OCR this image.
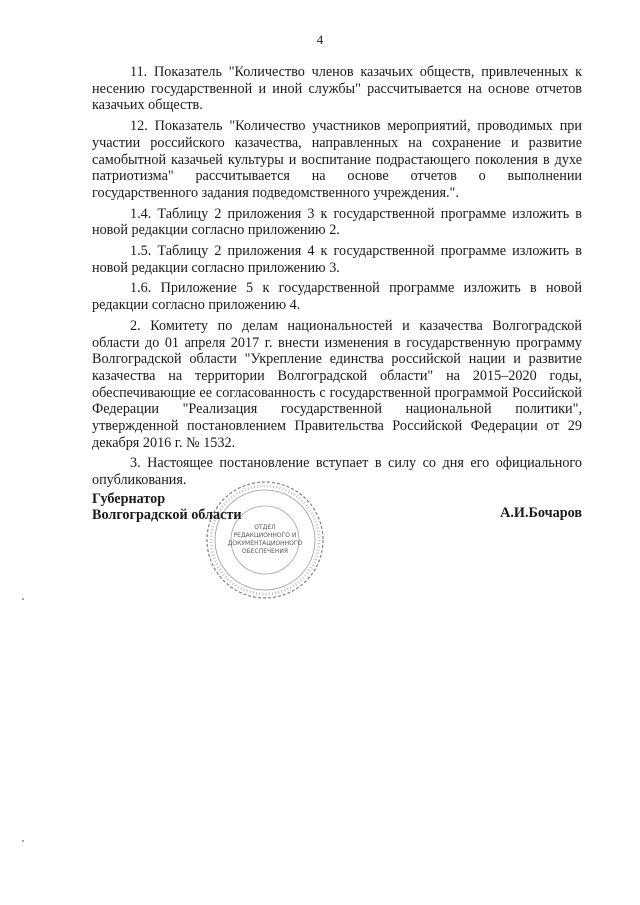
4

11. Показатель "Количество членов казачьих обществ, привлеченных к несению государственной и иной службы" рассчитывается на основе отчетов казачьих обществ.

12. Показатель "Количество участников мероприятий, проводимых при участии российского казачества, направленных на сохранение и развитие самобытной казачьей культуры и воспитание подрастающего поколения в духе патриотизма" рассчитывается на основе отчетов о выполнении государственного задания подведомственного учреждения.".

1.4. Таблицу 2 приложения 3 к государственной программе изложить в новой редакции согласно приложению 2.

1.5. Таблицу 2 приложения 4 к государственной программе изложить в новой редакции согласно приложению 3.

1.6. Приложение 5 к государственной программе изложить в новой редакции согласно приложению 4.

2. Комитету по делам национальностей и казачества Волгоградской области до 01 апреля 2017 г. внести изменения в государственную программу Волгоградской области "Укрепление единства российской нации и развитие казачества на территории Волгоградской области" на 2015–2020 годы, обеспечивающие ее согласованность с государственной программой Российской Федерации "Реализация государственной национальной политики", утвержденной постановлением Правительства Российской Федерации от 29 декабря 2016 г. № 1532.

3. Настоящее постановление вступает в силу со дня его официального опубликования.

ОТДЕЛ
РЕДАКЦИОННОГО И
ДОКУМЕНТАЦИОННОГО
ОБЕСПЕЧЕНИЯ
Губернатор
Волгоградской области	А.И.Бочаров
